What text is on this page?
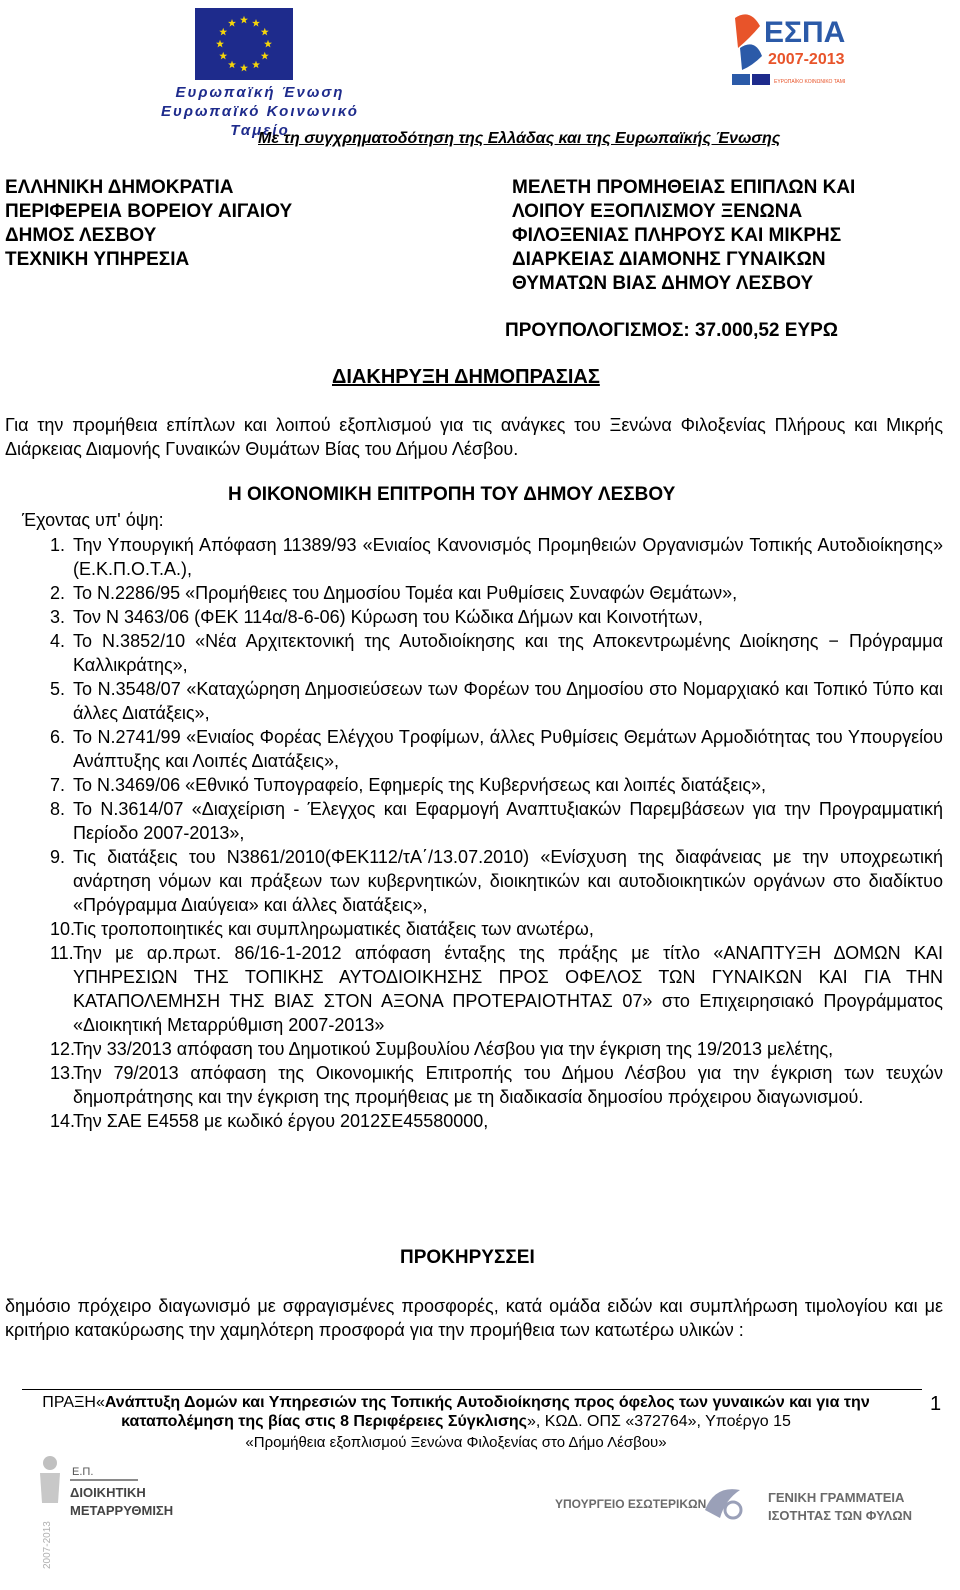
Ευρωπαϊκή Ένωση
Ευρωπαϊκό Κοινωνικό Ταμείο
ΕΣΠΑ
2007-2013
ΕΥΡΩΠΑΪΚΟ ΚΟΙΝΩΝΙΚΟ ΤΑΜΕΙΟ
Με τη συγχρηματοδότηση της Ελλάδας και της Ευρωπαϊκής Ένωσης
ΕΛΛΗΝΙΚΗ ΔΗΜΟΚΡΑΤΙΑ
ΠΕΡΙΦΕΡΕΙΑ ΒΟΡΕΙΟΥ ΑΙΓΑΙΟΥ
ΔΗΜΟΣ ΛΕΣΒΟΥ
ΤΕΧΝΙΚΗ ΥΠΗΡΕΣΙΑ
ΜΕΛΕΤΗ ΠΡΟΜΗΘΕΙΑΣ ΕΠΙΠΛΩΝ ΚΑΙ
ΛΟΙΠΟΥ ΕΞΟΠΛΙΣΜΟΥ ΞΕΝΩΝΑ
ΦΙΛΟΞΕΝΙΑΣ ΠΛΗΡΟΥΣ ΚΑΙ ΜΙΚΡΗΣ
ΔΙΑΡΚΕΙΑΣ ΔΙΑΜΟΝΗΣ ΓΥΝΑΙΚΩΝ
ΘΥΜΑΤΩΝ ΒΙΑΣ ΔΗΜΟΥ ΛΕΣΒΟΥ
ΠΡΟΥΠΟΛΟΓΙΣΜΟΣ: 37.000,52 ΕΥΡΩ
ΔΙΑΚΗΡΥΞΗ ΔΗΜΟΠΡΑΣΙΑΣ
Για την προμήθεια επίπλων και λοιπού εξοπλισμού για τις ανάγκες του Ξενώνα Φιλοξενίας Πλήρους και Μικρής Διάρκειας Διαμονής Γυναικών Θυμάτων Βίας του Δήμου Λέσβου.
Η ΟΙΚΟΝΟΜΙΚΗ ΕΠΙΤΡΟΠΗ ΤΟΥ ΔΗΜΟΥ ΛΕΣΒΟΥ
Έχοντας υπ' όψη:
1. Την Υπουργική Απόφαση 11389/93 «Ενιαίος Κανονισμός Προμηθειών Οργανισμών Τοπικής Αυτοδιοίκησης» (Ε.Κ.Π.Ο.Τ.Α.),
2. Το Ν.2286/95 «Προμήθειες του Δημοσίου Τομέα και Ρυθμίσεις Συναφών Θεμάτων»,
3. Τον Ν 3463/06 (ΦΕΚ 114α/8-6-06) Κύρωση του Κώδικα Δήμων και Κοινοτήτων,
4. Το Ν.3852/10 «Νέα Αρχιτεκτονική της Αυτοδιοίκησης και της Αποκεντρωμένης Διοίκησης − Πρόγραμμα Καλλικράτης»,
5. Το Ν.3548/07 «Καταχώρηση Δημοσιεύσεων των Φορέων του Δημοσίου στο Νομαρχιακό και Τοπικό Τύπο και άλλες Διατάξεις»,
6. Το Ν.2741/99 «Ενιαίος Φορέας Ελέγχου Τροφίμων, άλλες Ρυθμίσεις Θεμάτων Αρμοδιότητας του Υπουργείου Ανάπτυξης και Λοιπές Διατάξεις»,
7. Το Ν.3469/06 «Εθνικό Τυπογραφείο, Εφημερίς της Κυβερνήσεως και λοιπές διατάξεις»,
8. Το Ν.3614/07 «Διαχείριση - Έλεγχος και Εφαρμογή Αναπτυξιακών Παρεμβάσεων για την Προγραμματική Περίοδο 2007-2013»,
9. Τις διατάξεις του Ν3861/2010(ΦΕΚ112/τΑ΄/13.07.2010) «Ενίσχυση της διαφάνειας με την υποχρεωτική ανάρτηση νόμων και πράξεων των κυβερνητικών, διοικητικών και αυτοδιοικητικών οργάνων στο διαδίκτυο «Πρόγραμμα Διαύγεια» και άλλες διατάξεις»,
10.
Τις τροποποιητικές και συμπληρωματικές διατάξεις των ανωτέρω,
11. Την με αρ.πρωτ. 86/16-1-2012 απόφαση ένταξης της πράξης με τίτλο «ΑΝΑΠΤΥΞΗ ΔΟΜΩΝ ΚΑΙ ΥΠΗΡΕΣΙΩΝ ΤΗΣ ΤΟΠΙΚΗΣ ΑΥΤΟΔΙΟΙΚΗΣΗΣ ΠΡΟΣ ΟΦΕΛΟΣ ΤΩΝ ΓΥΝΑΙΚΩΝ ΚΑΙ ΓΙΑ ΤΗΝ ΚΑΤΑΠΟΛΕΜΗΣΗ ΤΗΣ ΒΙΑΣ ΣΤΟΝ ΑΞΟΝΑ ΠΡΟΤΕΡΑΙΟΤΗΤΑΣ 07» στο Επιχειρησιακό Προγράμματος «Διοικητική Μεταρρύθμιση 2007-2013»
12.
Την 33/2013 απόφαση του Δημοτικού Συμβουλίου Λέσβου για την έγκριση της 19/2013 μελέτης,
13.
Την 79/2013 απόφαση της Οικονομικής Επιτροπής του Δήμου Λέσβου για την έγκριση των τευχών δημοπράτησης και την έγκριση της προμήθειας με τη διαδικασία δημοσίου πρόχειρου διαγωνισμού.
14.
Την ΣΑΕ Ε4558 με κωδικό έργου 2012ΣΕ45580000,
ΠΡΟΚΗΡΥΣΣΕΙ
δημόσιο πρόχειρο διαγωνισμό με σφραγισμένες προσφορές, κατά ομάδα ειδών και συμπλήρωση τιμολογίου και με κριτήριο κατακύρωσης την χαμηλότερη προσφορά για την προμήθεια των κατωτέρω υλικών :
ΠΡΑΞΗ«Ανάπτυξη Δομών και Υπηρεσιών της Τοπικής Αυτοδιοίκησης προς όφελος των γυναικών και για την καταπολέμηση της βίας στις 8 Περιφέρειες Σύγκλισης», ΚΩΔ. ΟΠΣ «372764», Υποέργο 15
«Προμήθεια εξοπλισμού Ξενώνα Φιλοξενίας στο Δήμο Λέσβου»
1
2007-2013
Ε.Π.
ΔΙΟΙΚΗΤΙΚΗ
ΜΕΤΑΡΡΥΘΜΙΣΗ	ΥΠΟΥΡΓΕΙΟ ΕΣΩΤΕΡΙΚΩΝ	ΓΕΝΙΚΗ ΓΡΑΜΜΑΤΕΙΑ
ΙΣΟΤΗΤΑΣ ΤΩΝ ΦΥΛΩΝ
